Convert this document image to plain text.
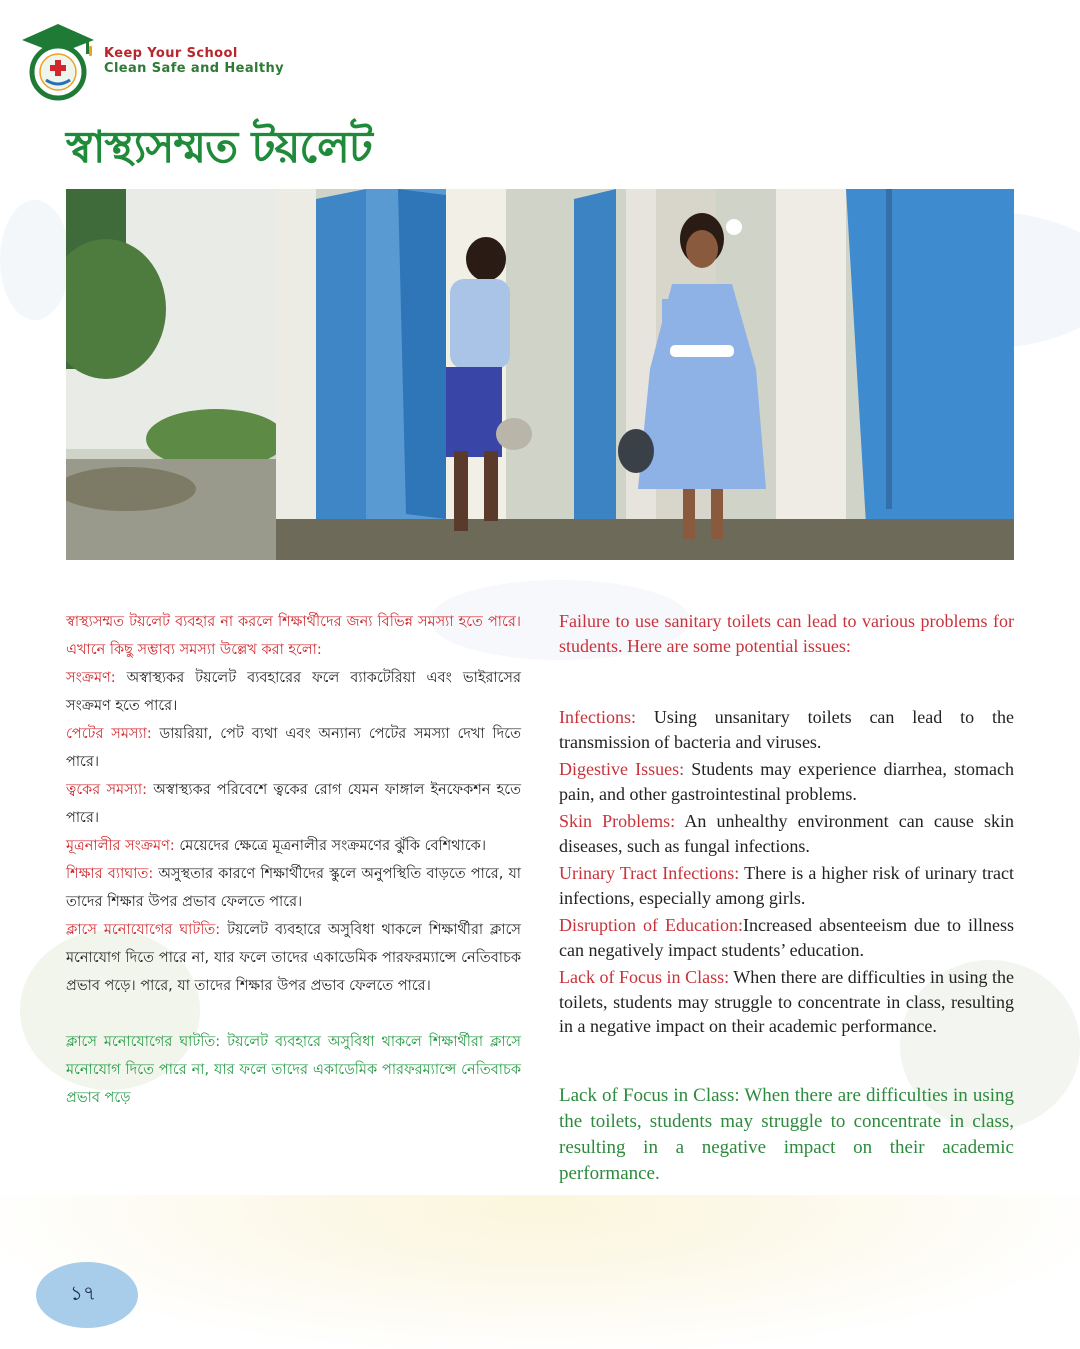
Keep Your School
Clean Safe and Healthy
স্বাস্থ্যসম্মত টয়লেট

স্বাস্থ্যসম্মত টয়লেট ব্যবহার না করলে শিক্ষার্থীদের জন্য বিভিন্ন সমস্যা হতে পারে। এখানে কিছু সম্ভাব্য সমস্যা উল্লেখ করা হলো:

সংক্রমণ: অস্বাস্থ্যকর টয়লেট ব্যবহারের ফলে ব্যাকটেরিয়া এবং ভাইরাসের সংক্রমণ হতে পারে।

পেটের সমস্যা: ডায়রিয়া, পেট ব্যথা এবং অন্যান্য পেটের সমস্যা দেখা দিতে পারে।

ত্বকের সমস্যা: অস্বাস্থ্যকর পরিবেশে ত্বকের রোগ যেমন ফাঙ্গাল ইনফেকশন হতে পারে।

মূত্রনালীর সংক্রমণ: মেয়েদের ক্ষেত্রে মূত্রনালীর সংক্রমণের ঝুঁকি বেশিথাকে।

শিক্ষার ব্যাঘাত: অসুস্থতার কারণে শিক্ষার্থীদের স্কুলে অনুপস্থিতি বাড়তে পারে, যা তাদের শিক্ষার উপর প্রভাব ফেলতে পারে।

ক্লাসে মনোযোগের ঘাটতি: টয়লেট ব্যবহারে অসুবিধা থাকলে শিক্ষার্থীরা ক্লাসে মনোযোগ দিতে পারে না, যার ফলে তাদের একাডেমিক পারফরম্যান্সে নেতিবাচক প্রভাব পড়ে। পারে, যা তাদের শিক্ষার উপর প্রভাব ফেলতে পারে।

ক্লাসে মনোযোগের ঘাটতি: টয়লেট ব্যবহারে অসুবিধা থাকলে শিক্ষার্থীরা ক্লাসে মনোযোগ দিতে পারে না, যার ফলে তাদের একাডেমিক পারফরম্যান্সে নেতিবাচক প্রভাব পড়ে

Failure to use sanitary toilets can lead to various problems for students. Here are some potential issues:

Infections: Using unsanitary toilets can lead to the transmission of bacteria and viruses.

Digestive Issues: Students may experience diarrhea, stomach pain, and other gastrointestinal problems.

Skin Problems: An unhealthy environment can cause skin diseases, such as fungal infections.

Urinary Tract Infections: There is a higher risk of urinary tract infections, especially among girls.

Disruption of Education:Increased absenteeism due to illness can negatively impact students’ education.

Lack of Focus in Class: When there are difficulties in using the toilets, students may struggle to concentrate in class, resulting in a negative impact on their academic performance.

Lack of Focus in Class: When there are difficulties in using the toilets, students may struggle to concentrate in class, resulting in a negative impact on their academic performance.

১৭
